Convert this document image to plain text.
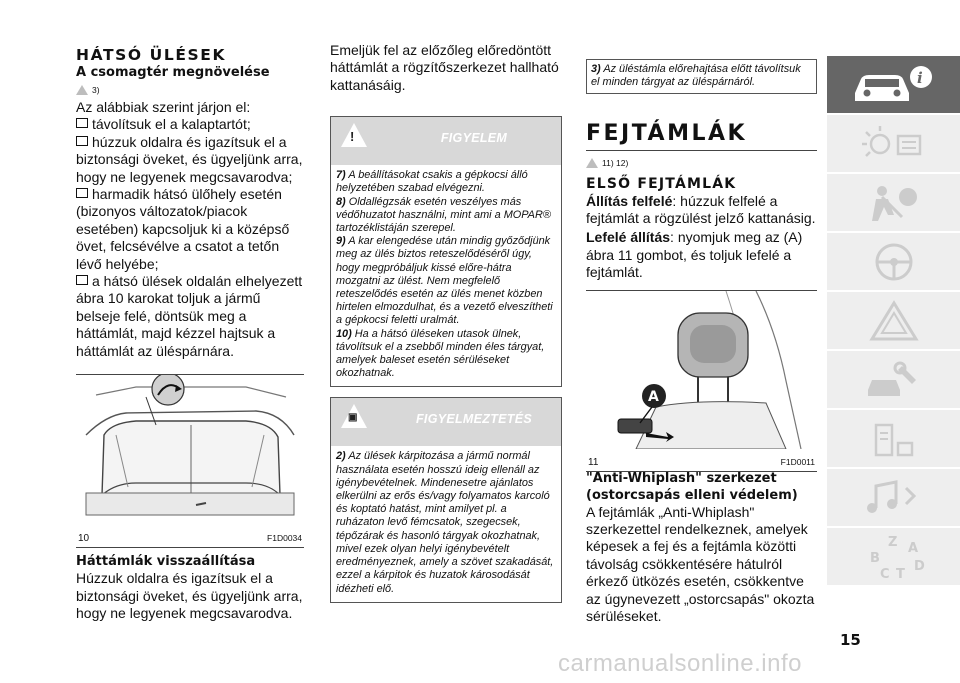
HÁTSÓ ÜLÉSEK
A csomagtér megnövelése
3)

Az alábbiak szerint járjon el:

távolítsuk el a kalaptartót;

húzzuk oldalra és igazítsuk el a biztonsági öveket, és ügyeljünk arra, hogy ne legyenek megcsavarodva;

harmadik hátsó ülőhely esetén (bizonyos változatok/piacok esetében) kapcsoljuk ki a középső övet, felcsévélve a csatot a tetőn lévő helyébe;

a hátsó ülések oldalán elhelyezett ábra 10 karokat toljuk a jármű belseje felé, döntsük meg a háttámlát, majd kézzel hajtsuk a háttámlát az üléspárnára.

10	F1D0034
Háttámlák visszaállítása

Húzzuk oldalra és igazítsuk el a biztonsági öveket, és ügyeljünk arra, hogy ne legyenek megcsavarodva.

Emeljük fel az előzőleg előredöntött háttámlát a rögzítőszerkezet hallható kattanásáig.

!	FIGYELEM

7) A beállításokat csakis a gépkocsi álló helyzetében szabad elvégezni.

8) Oldallégzsák esetén veszélyes más védőhuzatot használni, mint ami a MOPAR® tartozéklistáján szerepel.

9) A kar elengedése után mindig győződjünk meg az ülés biztos reteszelődéséről úgy, hogy megpróbáljuk kissé előre-hátra mozgatni az ülést. Nem megfelelő reteszelődés esetén az ülés menet közben hirtelen elmozdulhat, és a vezető elveszítheti a gépkocsi feletti uralmát.

10) Ha a hátsó üléseken utasok ülnek, távolítsuk el a zsebből minden éles tárgyat, amelyek baleset esetén sérüléseket okozhatnak.

▣	FIGYELMEZTETÉS

2) Az ülések kárpitozása a jármű normál használata esetén hosszú ideig ellenáll az igénybevételnek. Mindenesetre ajánlatos elkerülni az erős és/vagy folyamatos karcoló és koptató hatást, mint amilyet pl. a ruházaton levő fémcsatok, szegecsek, tépőzárak és hasonló tárgyak okozhatnak, mivel ezek olyan helyi igénybevételt eredményeznek, amely a szövet szakadását, ezzel a kárpitok és huzatok károsodását idézheti elő.

3) Az üléstámla előrehajtása előtt távolítsuk el minden tárgyat az üléspárnáról.
FEJTÁMLÁK
11) 12)
ELSŐ FEJTÁMLÁK

Állítás felfelé: húzzuk felfelé a fejtámlát a rögzülést jelző kattanásig.

Lefelé állítás: nyomjuk meg az (A) ábra 11 gombot, és toljuk lefelé a fejtámlát.

A
11	F1D0011
"Anti-Whiplash" szerkezet (ostorcsapás elleni védelem)

A fejtámlák „Anti-Whiplash" szerkezettel rendelkeznek, amelyek képesek a fej és a fejtámla közötti távolság csökkentésére hátulról érkező ütközés esetén, csökkentve az úgynevezett „ostorcsapás" okozta sérüléseket.

i
Z A
B
D
C T
15
carmanualsonline.info
